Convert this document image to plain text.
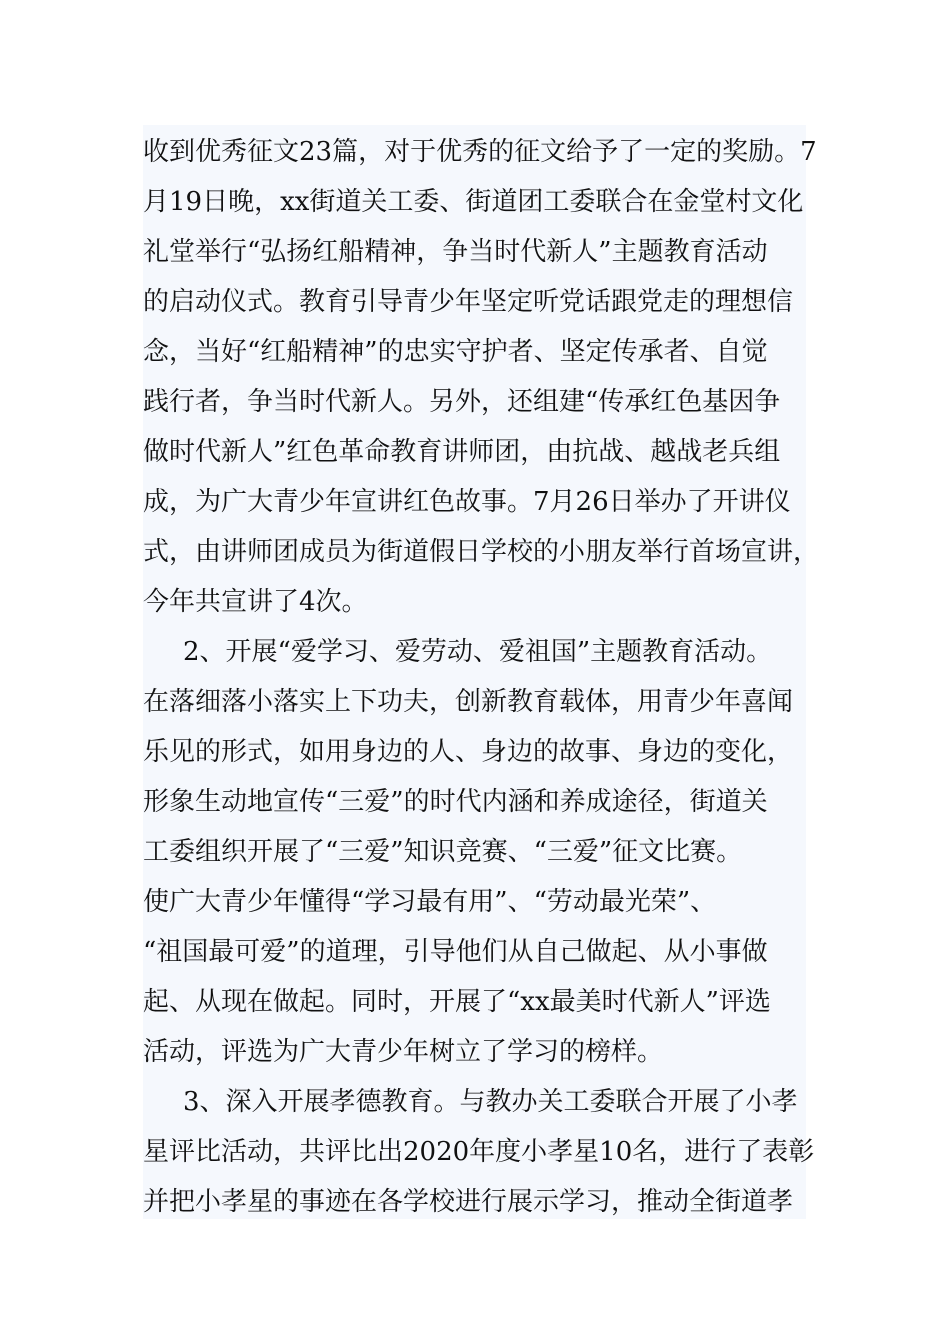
收到优秀征文23篇，对于优秀的征文给予了一定的奖励。7
月19日晚，xx街道关工委、街道团工委联合在金堂村文化
礼堂举行“弘扬红船精神，争当时代新人”主题教育活动
的启动仪式。教育引导青少年坚定听党话跟党走的理想信
念，当好“红船精神”的忠实守护者、坚定传承者、自觉
践行者，争当时代新人。另外，还组建“传承红色基因争
做时代新人”红色革命教育讲师团，由抗战、越战老兵组
成，为广大青少年宣讲红色故事。7月26日举办了开讲仪
式，由讲师团成员为街道假日学校的小朋友举行首场宣讲，
今年共宣讲了4次。
2、开展“爱学习、爱劳动、爱祖国”主题教育活动。
在落细落小落实上下功夫，创新教育载体，用青少年喜闻
乐见的形式，如用身边的人、身边的故事、身边的变化，
形象生动地宣传“三爱”的时代内涵和养成途径，街道关
工委组织开展了“三爱”知识竞赛、“三爱”征文比赛。
使广大青少年懂得“学习最有用”、“劳动最光荣”、
“祖国最可爱”的道理，引导他们从自己做起、从小事做
起、从现在做起。同时，开展了“xx最美时代新人”评选
活动，评选为广大青少年树立了学习的榜样。
3、深入开展孝德教育。与教办关工委联合开展了小孝
星评比活动，共评比出2020年度小孝星10名，进行了表彰
并把小孝星的事迹在各学校进行展示学习，推动全街道孝
